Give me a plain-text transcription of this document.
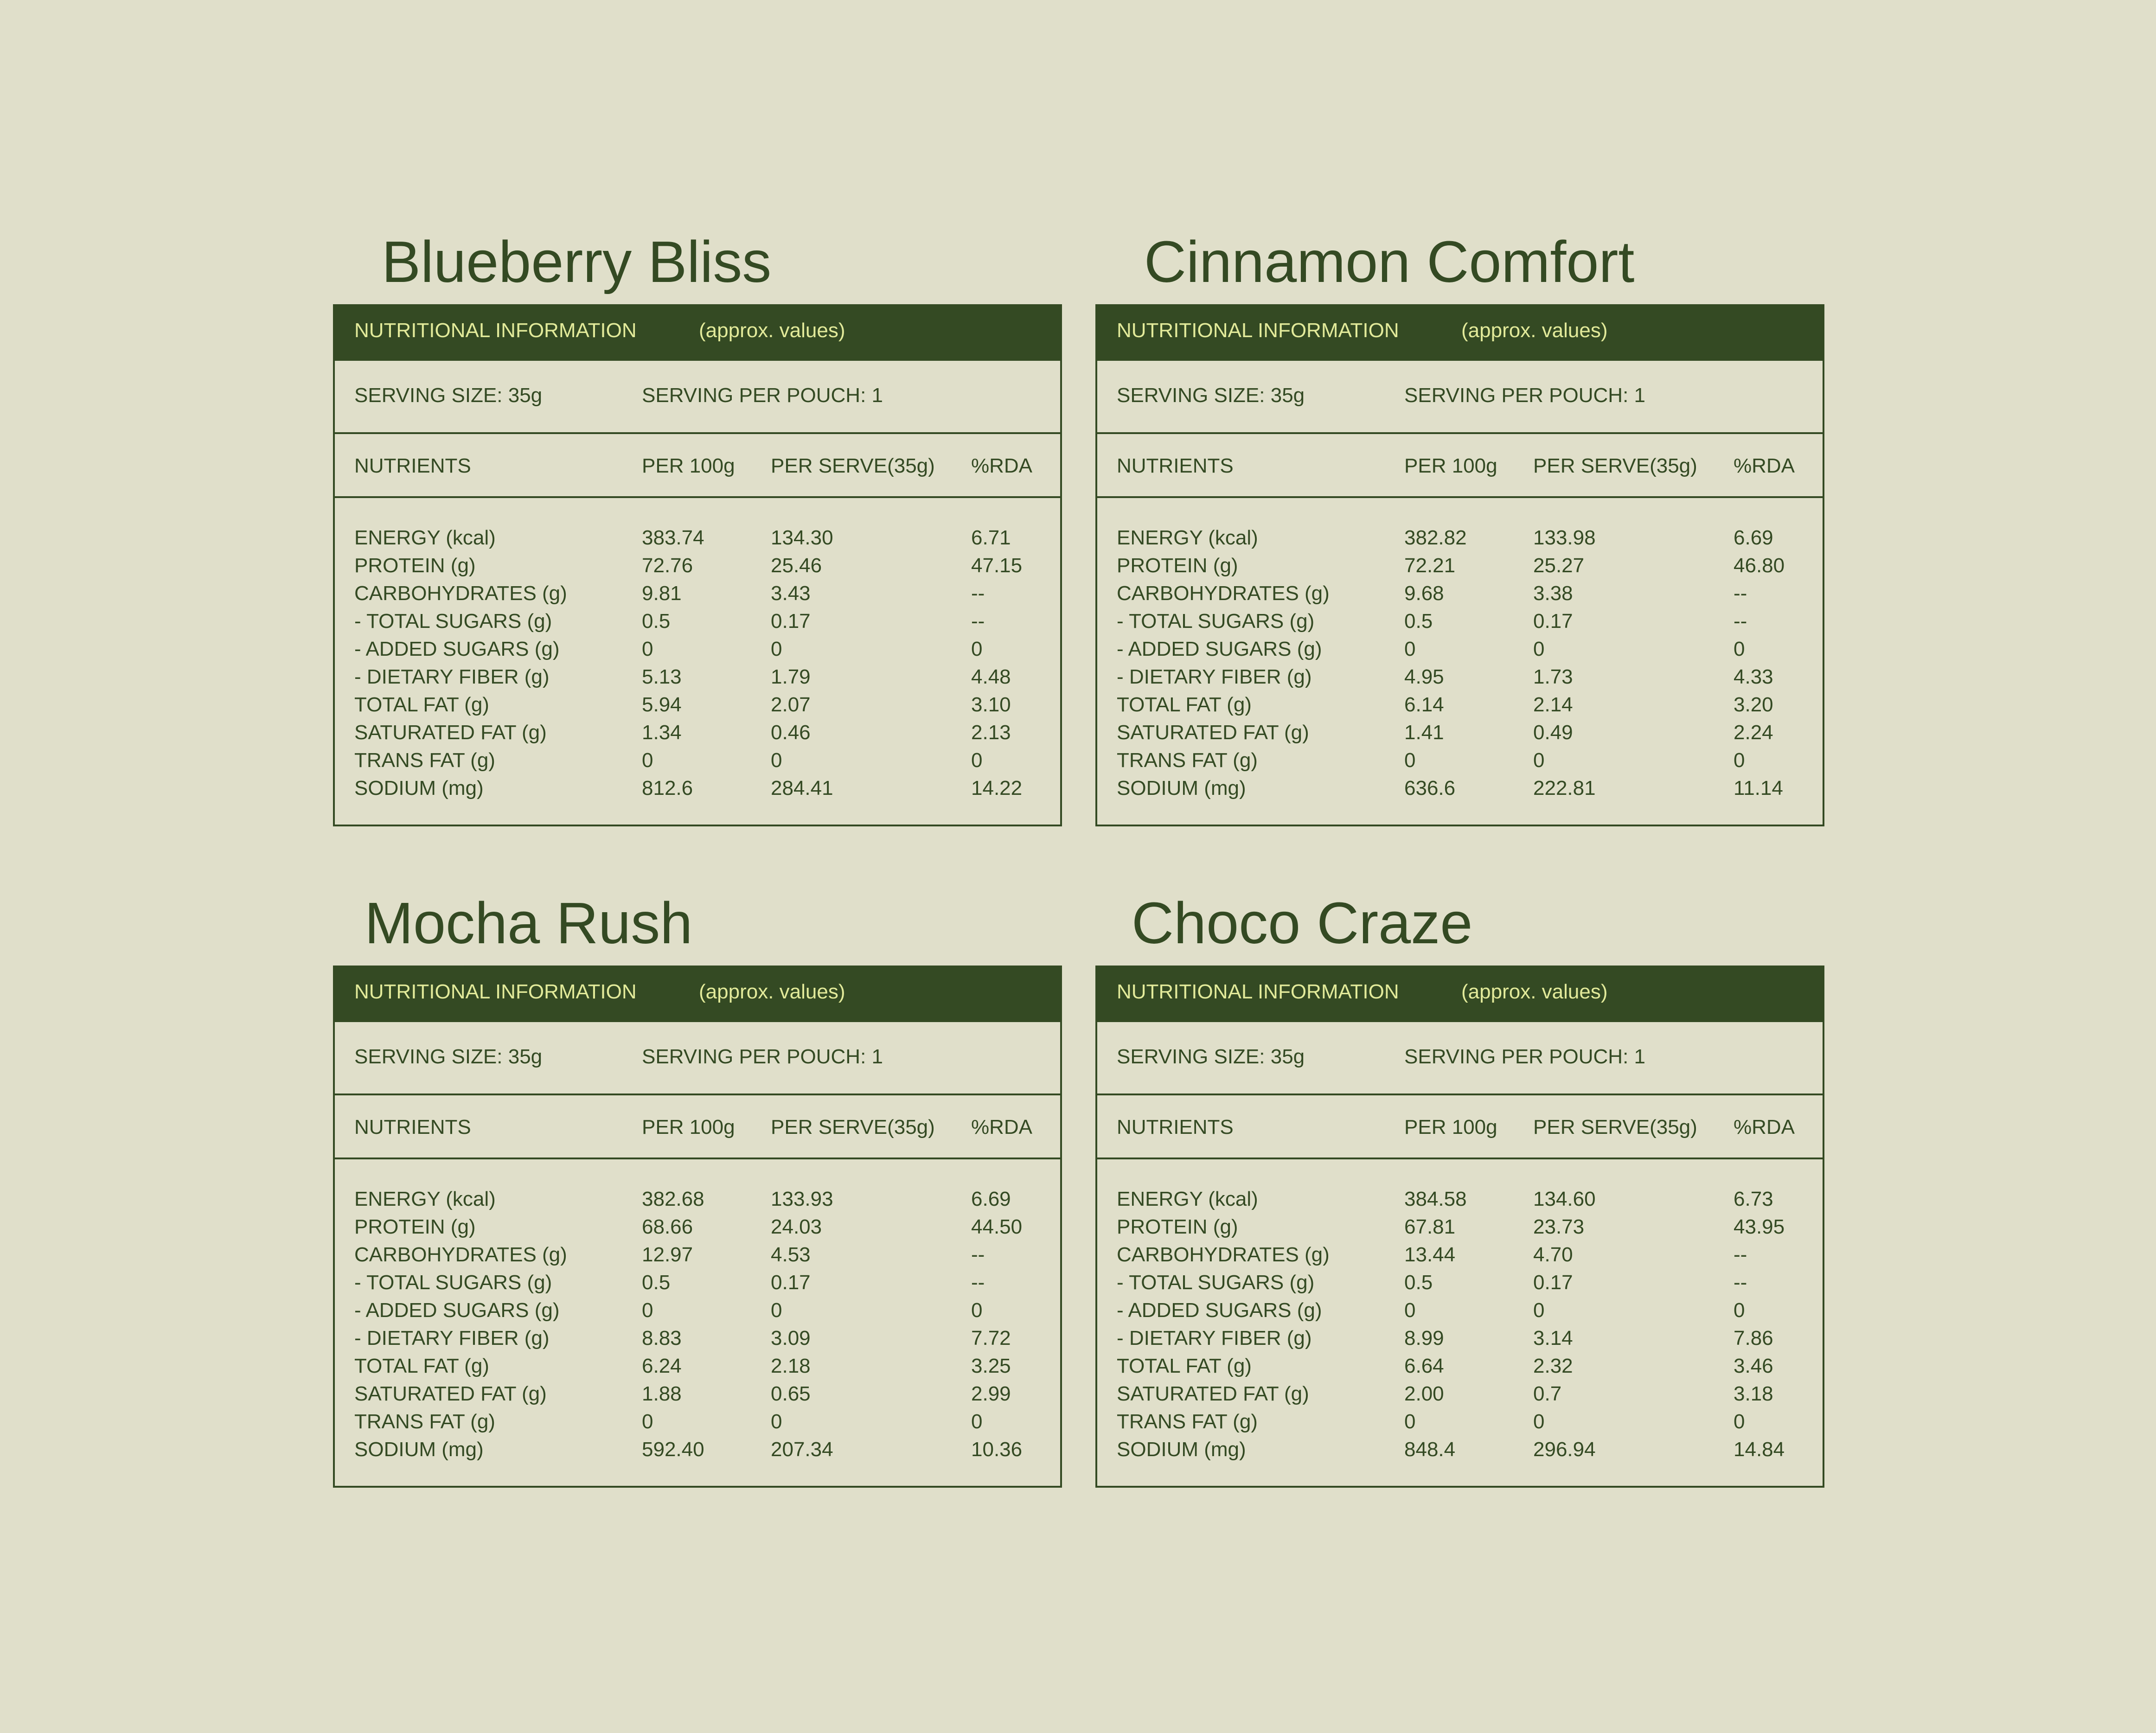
Blueberry Bliss
NUTRITIONAL INFORMATION	(approx. values)
SERVING SIZE: 35g	SERVING PER POUCH: 1
NUTRIENTS	PER 100g PER SERVE(35g) %RDA
ENERGY (kcal)	383.74	134.30	6.71
PROTEIN (g)	72.76	25.46	47.15
CARBOHYDRATES (g)	9.81	3.43	--
- TOTAL SUGARS (g)	0.5	0.17	--
- ADDED SUGARS (g)	0	0	0
- DIETARY FIBER (g)	5.13	1.79	4.48
TOTAL FAT (g)	5.94	2.07	3.10
SATURATED FAT (g)	1.34	0.46	2.13
TRANS FAT (g)	0	0	0
SODIUM (mg)	812.6	284.41	14.22
Cinnamon Comfort
NUTRITIONAL INFORMATION	(approx. values)
SERVING SIZE: 35g	SERVING PER POUCH: 1
NUTRIENTS	PER 100g PER SERVE(35g) %RDA
ENERGY (kcal)	382.82	133.98	6.69
PROTEIN (g)	72.21	25.27	46.80
CARBOHYDRATES (g)	9.68	3.38	--
- TOTAL SUGARS (g)	0.5	0.17	--
- ADDED SUGARS (g)	0	0	0
- DIETARY FIBER (g)	4.95	1.73	4.33
TOTAL FAT (g)	6.14	2.14	3.20
SATURATED FAT (g)	1.41	0.49	2.24
TRANS FAT (g)	0	0	0
SODIUM (mg)	636.6	222.81	11.14
Mocha Rush
NUTRITIONAL INFORMATION	(approx. values)
SERVING SIZE: 35g	SERVING PER POUCH: 1
NUTRIENTS	PER 100g PER SERVE(35g) %RDA
ENERGY (kcal)	382.68	133.93	6.69
PROTEIN (g)	68.66	24.03	44.50
CARBOHYDRATES (g)	12.97	4.53	--
- TOTAL SUGARS (g)	0.5	0.17	--
- ADDED SUGARS (g)	0	0	0
- DIETARY FIBER (g)	8.83	3.09	7.72
TOTAL FAT (g)	6.24	2.18	3.25
SATURATED FAT (g)	1.88	0.65	2.99
TRANS FAT (g)	0	0	0
SODIUM (mg)	592.40	207.34	10.36
Choco Craze
NUTRITIONAL INFORMATION	(approx. values)
SERVING SIZE: 35g	SERVING PER POUCH: 1
NUTRIENTS	PER 100g PER SERVE(35g) %RDA
ENERGY (kcal)	384.58	134.60	6.73
PROTEIN (g)	67.81	23.73	43.95
CARBOHYDRATES (g)	13.44	4.70	--
- TOTAL SUGARS (g)	0.5	0.17	--
- ADDED SUGARS (g)	0	0	0
- DIETARY FIBER (g)	8.99	3.14	7.86
TOTAL FAT (g)	6.64	2.32	3.46
SATURATED FAT (g)	2.00	0.7	3.18
TRANS FAT (g)	0	0	0
SODIUM (mg)	848.4	296.94	14.84
